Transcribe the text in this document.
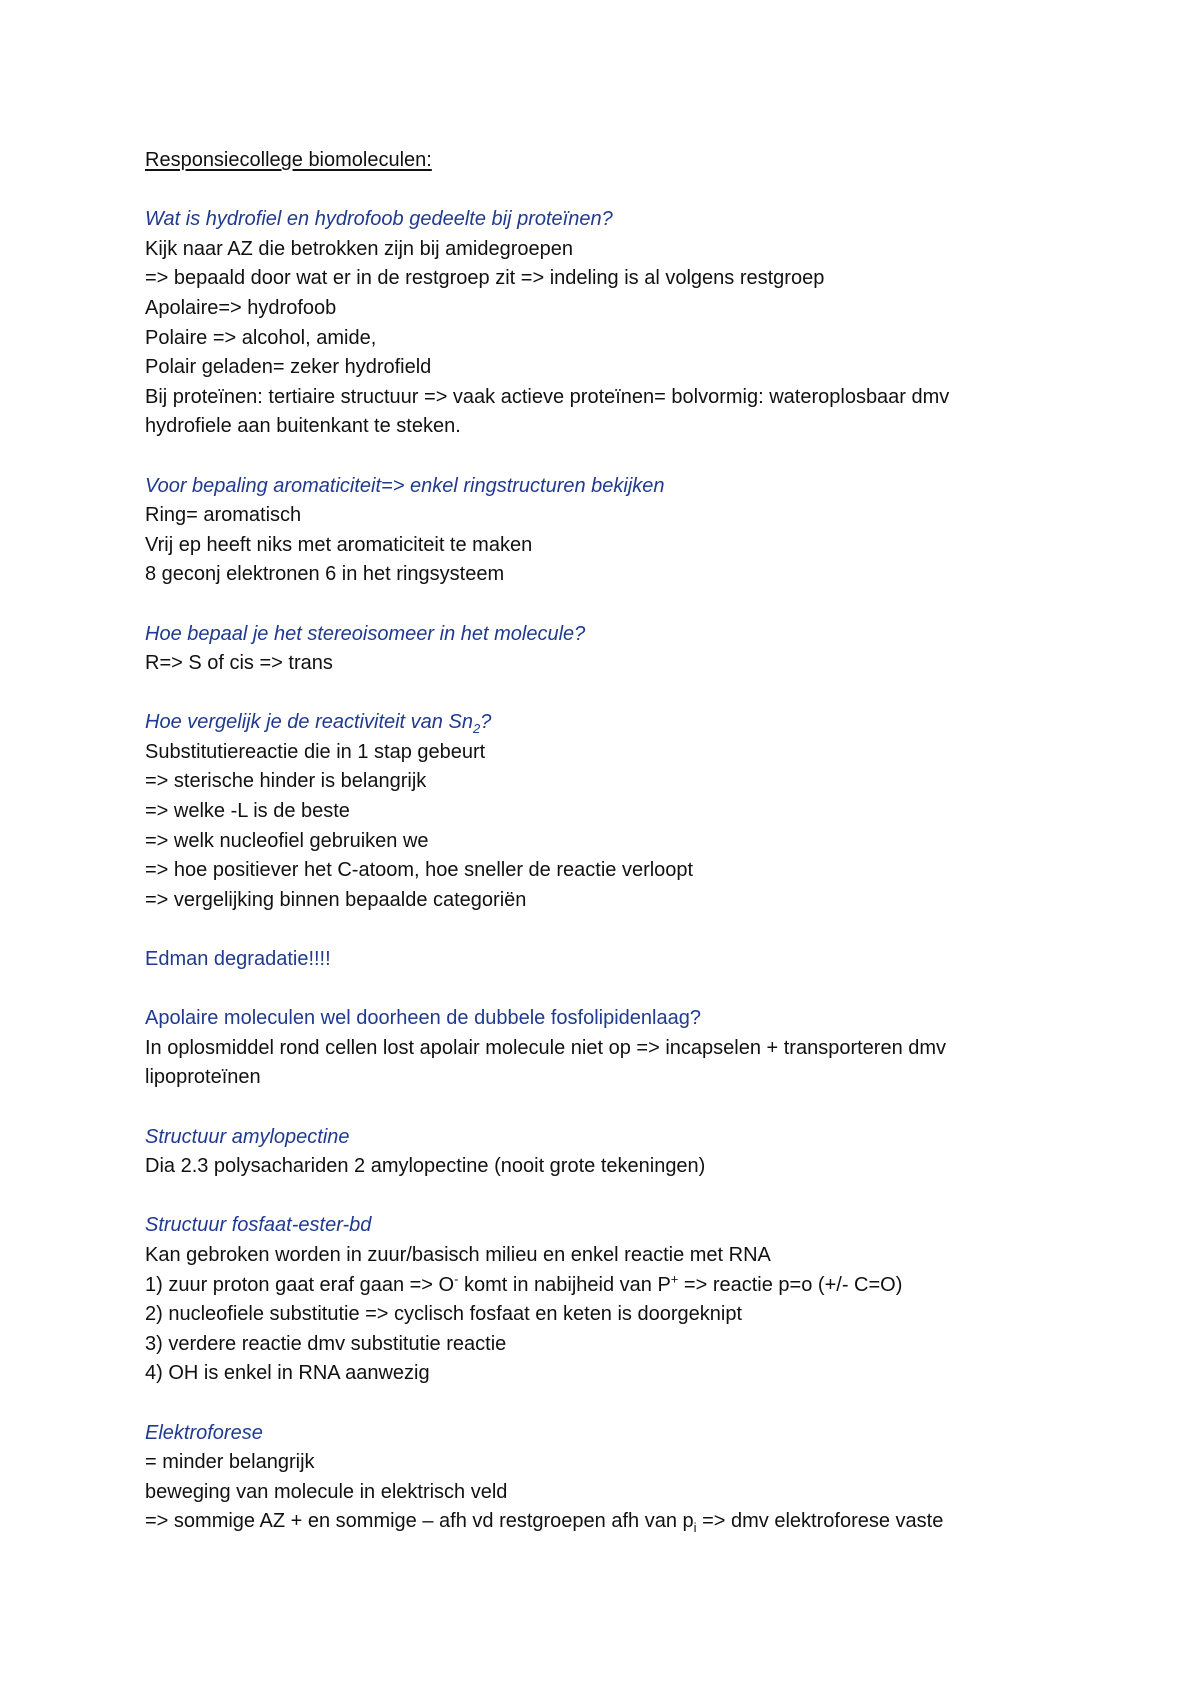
Responsiecollege biomoleculen:
Wat is hydrofiel en hydrofoob gedeelte bij proteïnen?
Kijk naar AZ die betrokken zijn bij amidegroepen
=> bepaald door wat er in de restgroep zit => indeling is al volgens restgroep
Apolaire=> hydrofoob
Polaire => alcohol, amide,
Polair geladen= zeker hydrofield
Bij proteïnen: tertiaire structuur => vaak actieve proteïnen= bolvormig: wateroplosbaar dmv
hydrofiele aan buitenkant te steken.
Voor bepaling aromaticiteit=> enkel ringstructuren bekijken
Ring= aromatisch
Vrij ep heeft niks met aromaticiteit te maken
8 geconj elektronen 6 in het ringsysteem
Hoe bepaal je het stereoisomeer in het molecule?
R=> S of cis => trans
Hoe vergelijk je de reactiviteit van $Sn_2$?
Substitutiereactie die in 1 stap gebeurt
=> sterische hinder is belangrijk
=> welke -L is de beste
=> welk nucleofiel gebruiken we
=> hoe positiever het C-atoom, hoe sneller de reactie verloopt
=> vergelijking binnen bepaalde categoriën
Edman degradatie!!!!
Apolaire moleculen wel doorheen de dubbele fosfolipidenlaag?
In oplosmiddel rond cellen lost apolair molecule niet op => incapselen + transporteren dmv
lipoproteïnen
Structuur amylopectine
Dia 2.3 polysachariden 2 amylopectine (nooit grote tekeningen)
Structuur fosfaat-ester-bd
Kan gebroken worden in zuur/basisch milieu en enkel reactie met RNA
1) zuur proton gaat eraf gaan => O- komt in nabijheid van P+ => reactie p=o (+/- C=O)
2) nucleofiele substitutie => cyclisch fosfaat en keten is doorgeknipt
3) verdere reactie dmv substitutie reactie
4) OH is enkel in RNA aanwezig
Elektroforese
= minder belangrijk
beweging van molecule in elektrisch veld
=> sommige AZ + en sommige – afh vd restgroepen afh van $p_i$ => dmv elektroforese vaste
